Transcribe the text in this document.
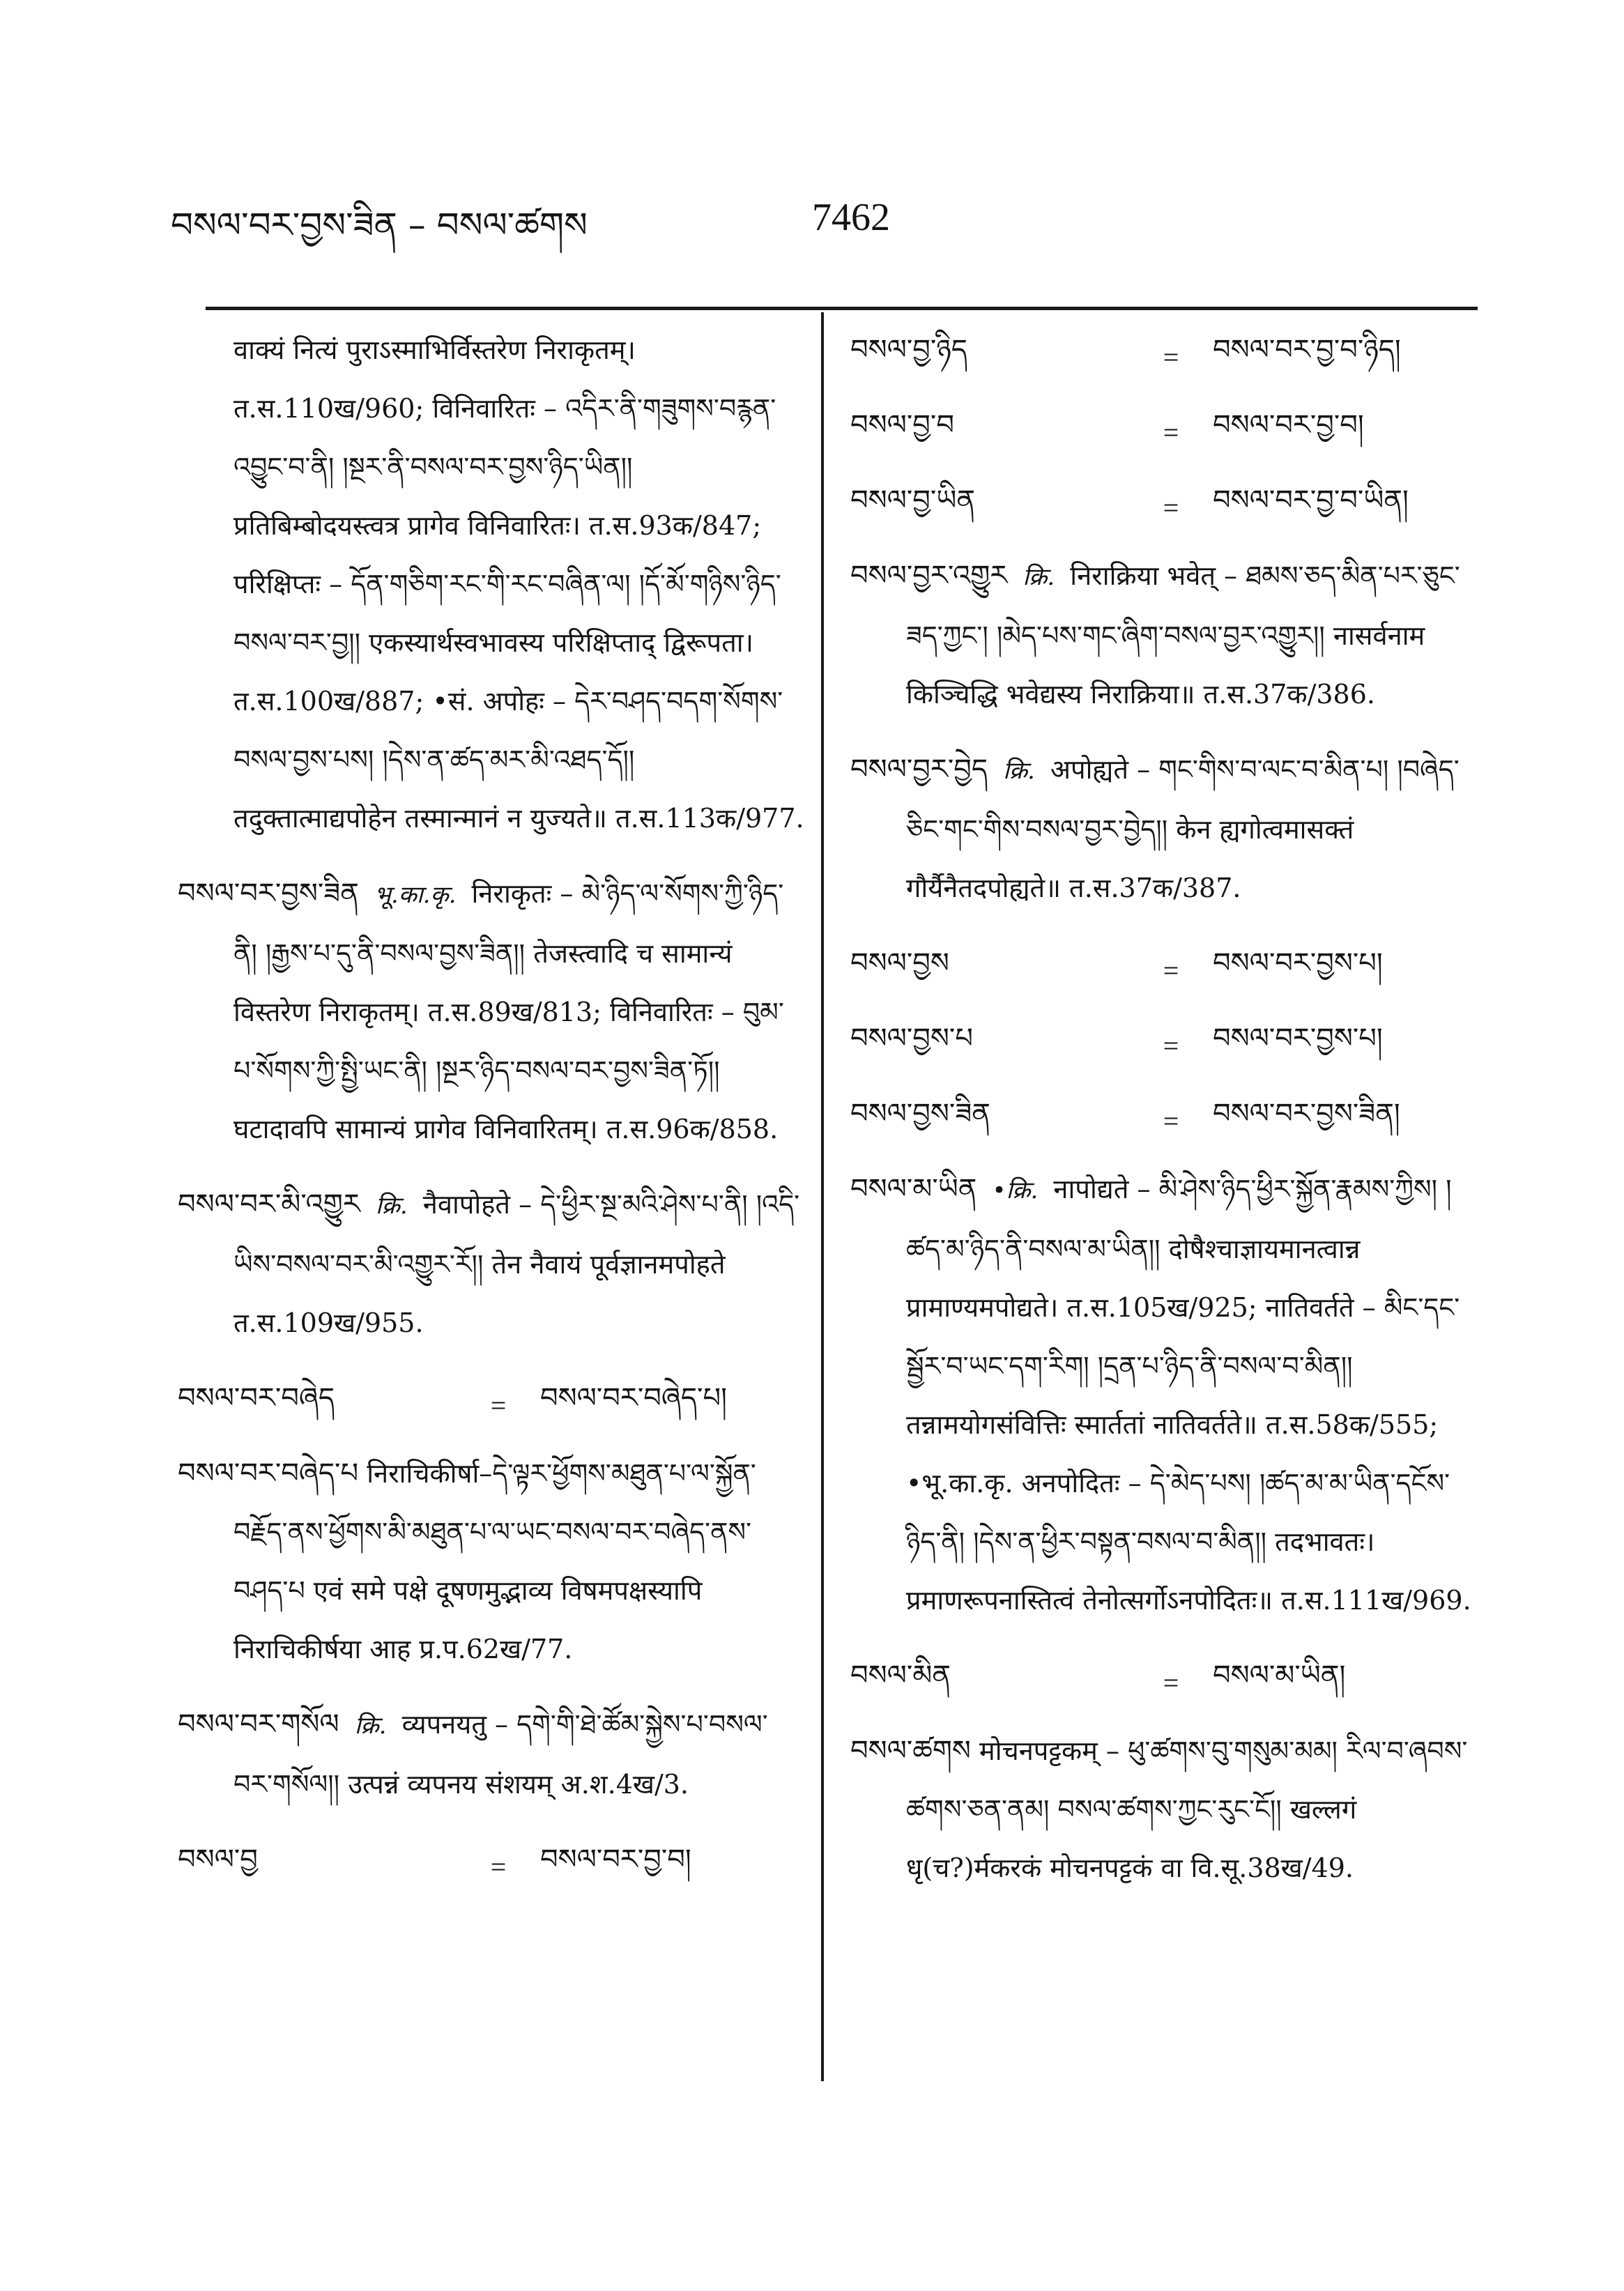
བསལ་བར་བྱས་ཟིན – བསལ་ཚགས	7462
वाक्यं नित्यं पुराऽस्माभिर्विस्तरेण निराकृतम्। त.स.110ख/960; विनिवारितः – འདིར་ནི་གཟུགས་བརྙན་འབྱུང་བ་ནི། །སྔར་ནི་བསལ་བར་བྱས་ཉིད་ཡིན།། प्रतिबिम्बोदयस्त्वत्र प्रागेव विनिवारितः। त.स.93क/847; परिक्षिप्तः – དོན་གཅིག་རང་གི་རང་བཞིན་ལ། །དོ་མོ་གཉིས་ཉིད་བསལ་བར་བྱ།། एकस्यार्थस्वभावस्य परिक्षिप्ताद् द्विरूपता। त.स.100ख/887; •सं. अपोहः – དེར་བཤད་བདག་སོགས་བསལ་བྱས་པས། །དེས་ན་ཚད་མར་མི་འཐད་དོ།། तदुक्तात्माद्यपोहेन तस्मान्मानं न युज्यते॥ त.स.113क/977.
བསལ་བར་བྱས་ཟིན भू.का.कृ. निराकृतः – མེ་ཉིད་ལ་སོགས་ཀྱི་ཉིད་ནི། །རྒྱས་པ་དུ་ནི་བསལ་བྱས་ཟིན།། तेजस्त्वादि च सामान्यं विस्तरेण निराकृतम्। त.स.89ख/813; विनिवारितः – བུམ་པ་སོགས་ཀྱི་སྤྱི་ཡང་ནི། །སྔར་ཉིད་བསལ་བར་བྱས་ཟིན་ཏོ།། घटादावपि सामान्यं प्रागेव विनिवारितम्। त.स.96क/858.
བསལ་བར་མི་འགྱུར क्रि. नैवापोहते – དེ་ཕྱིར་སྔ་མའི་ཤེས་པ་ནི། །འདི་ཡིས་བསལ་བར་མི་འགྱུར་རོ།། तेन नैवायं पूर्वज्ञानमपोहते त.स.109ख/955.
བསལ་བར་བཞེད	=	བསལ་བར་བཞེད་པ།
བསལ་བར་བཞེད་པ निराचिकीर्षा–དེ་ལྟར་ཕྱོགས་མཐུན་པ་ལ་སྐྱོན་བརྗོད་ནས་ཕྱོགས་མི་མཐུན་པ་ལ་ཡང་བསལ་བར་བཞེད་ནས་བཤད་པ एवं समे पक्षे दूषणमुद्भाव्य विषमपक्षस्यापि निराचिकीर्षया आह प्र.प.62ख/77.
བསལ་བར་གསོལ क्रि. व्यपनयतु – དགེ་གི་ཐེ་ཚོམ་སྐྱེས་པ་བསལ་བར་གསོལ།། उत्पन्नं व्यपनय संशयम् अ.श.4ख/3.
བསལ་བྱ	=	བསལ་བར་བྱ་བ།
བསལ་བྱ་ཉིད	=	བསལ་བར་བྱ་བ་ཉིད།
བསལ་བྱ་བ	=	བསལ་བར་བྱ་བ།
བསལ་བྱ་ཡིན	=	བསལ་བར་བྱ་བ་ཡིན།
བསལ་བྱར་འགྱུར क्रि. निराक्रिया भवेत् – ཐམས་ཅད་མིན་པར་ཅུང་ཟད་ཀྱང་། །མེད་པས་གང་ཞིག་བསལ་བྱར་འགྱུར།། नासर्वनाम किञ्चिद्धि भवेद्यस्य निराक्रिया॥ त.स.37क/386.
བསལ་བྱར་བྱེད क्रि. अपोह्यते – གང་གིས་བ་ལང་བ་མིན་པ། །བཞེད་ཅིང་གང་གིས་བསལ་བྱར་བྱེད།། केन ह्यगोत्वमासक्तं गौर्यैनैतदपोह्यते॥ त.स.37क/387.
བསལ་བྱས	=	བསལ་བར་བྱས་པ།
བསལ་བྱས་པ	=	བསལ་བར་བྱས་པ།
བསལ་བྱས་ཟིན	=	བསལ་བར་བྱས་ཟིན།
བསལ་མ་ཡིན •क्रि. नापोद्यते – མི་ཤེས་ཉིད་ཕྱིར་སྐྱོན་རྣམས་ཀྱིས། །ཚད་མ་ཉིད་ནི་བསལ་མ་ཡིན།། दोषैश्चाज्ञायमानत्वान्न प्रामाण्यमपोद्यते। त.स.105ख/925; नातिवर्तते – མིང་དང་སྦྱོར་བ་ཡང་དག་རིག། །དྲན་པ་ཉིད་ནི་བསལ་བ་མིན།། तन्नामयोगसंवित्तिः स्मार्ततां नातिवर्तते॥ त.स.58क/555; •भू.का.कृ. अनपोदितः – དེ་མེད་པས། །ཚད་མ་མ་ཡིན་དངོས་ཉིད་ནི། །དེས་ན་ཕྱིར་བསྟན་བསལ་བ་མིན།། तदभावतः। प्रमाणरूपनास्तित्वं तेनोत्सर्गोऽनपोदितः॥ त.स.111ख/969.
བསལ་མིན	=	བསལ་མ་ཡིན།
བསལ་ཚགས मोचनपट्टकम् – ཕུ་ཚགས་བུ་གསུམ་མམ། རིལ་བ་ཞབས་ཚགས་ཅན་ནམ། བསལ་ཚགས་ཀྱང་རུང་ངོ།། खल्लगं धृ(च?)र्मकरकं मोचनपट्टकं वा वि.सू.38ख/49.
